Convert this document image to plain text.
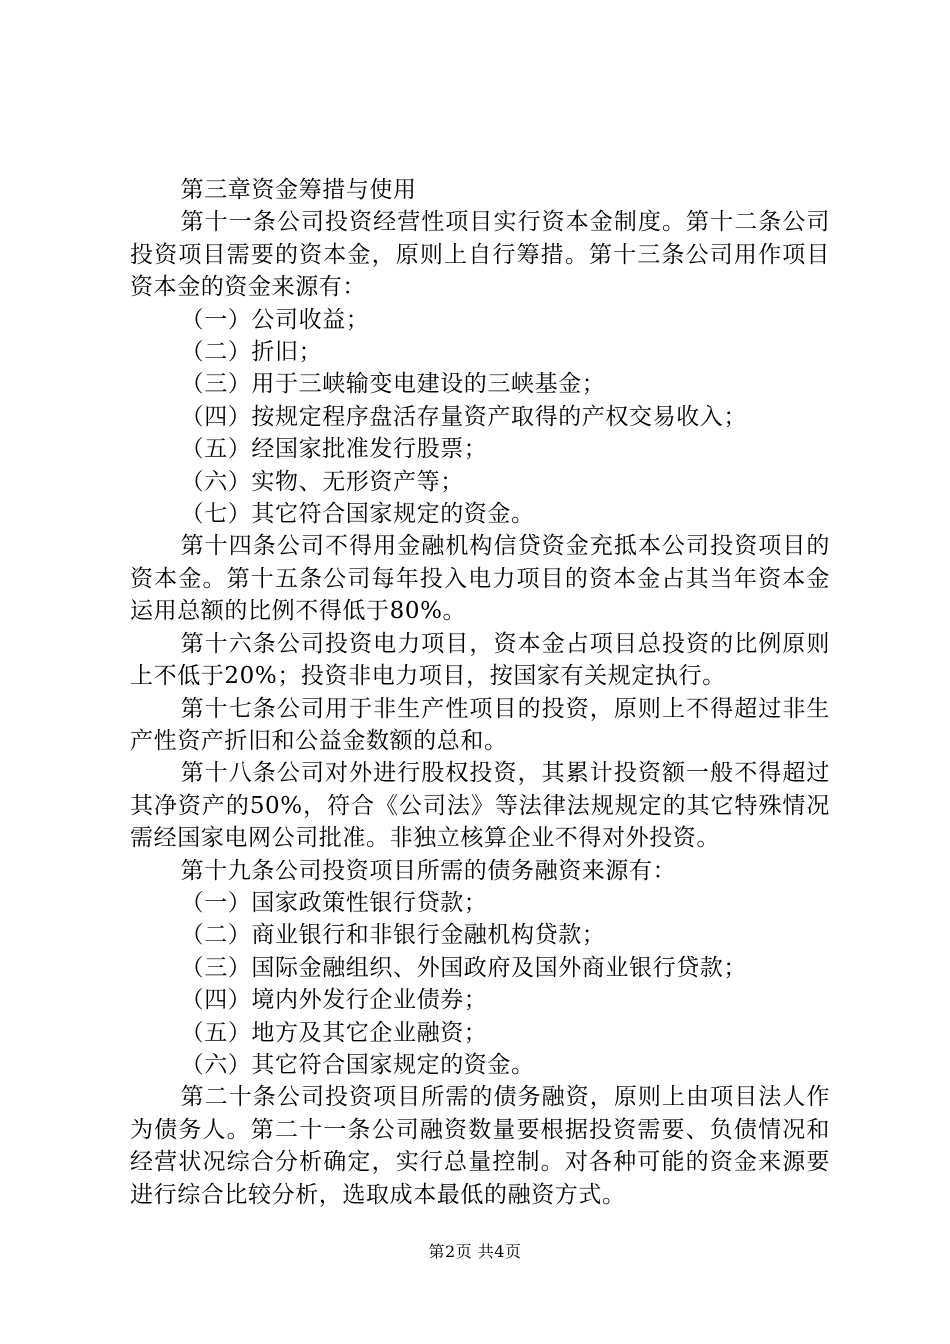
第三章资金筹措与使用

第十一条公司投资经营性项目实行资本金制度。第十二条公司投资项目需要的资本金，原则上自行筹措。第十三条公司用作项目资本金的资金来源有：

（一）公司收益；

（二）折旧；

（三）用于三峡输变电建设的三峡基金；

（四）按规定程序盘活存量资产取得的产权交易收入；

（五）经国家批准发行股票；

（六）实物、无形资产等；

（七）其它符合国家规定的资金。

第十四条公司不得用金融机构信贷资金充抵本公司投资项目的资本金。第十五条公司每年投入电力项目的资本金占其当年资本金运用总额的比例不得低于80%。

第十六条公司投资电力项目，资本金占项目总投资的比例原则上不低于20%；投资非电力项目，按国家有关规定执行。

第十七条公司用于非生产性项目的投资，原则上不得超过非生产性资产折旧和公益金数额的总和。

第十八条公司对外进行股权投资，其累计投资额一般不得超过其净资产的50%，符合《公司法》等法律法规规定的其它特殊情况需经国家电网公司批准。非独立核算企业不得对外投资。

第十九条公司投资项目所需的债务融资来源有：

（一）国家政策性银行贷款；

（二）商业银行和非银行金融机构贷款；

（三）国际金融组织、外国政府及国外商业银行贷款；

（四）境内外发行企业债券；

（五）地方及其它企业融资；

（六）其它符合国家规定的资金。

第二十条公司投资项目所需的债务融资，原则上由项目法人作为债务人。第二十一条公司融资数量要根据投资需要、负债情况和经营状况综合分析确定，实行总量控制。对各种可能的资金来源要进行综合比较分析，选取成本最低的融资方式。

第2页 共4页
